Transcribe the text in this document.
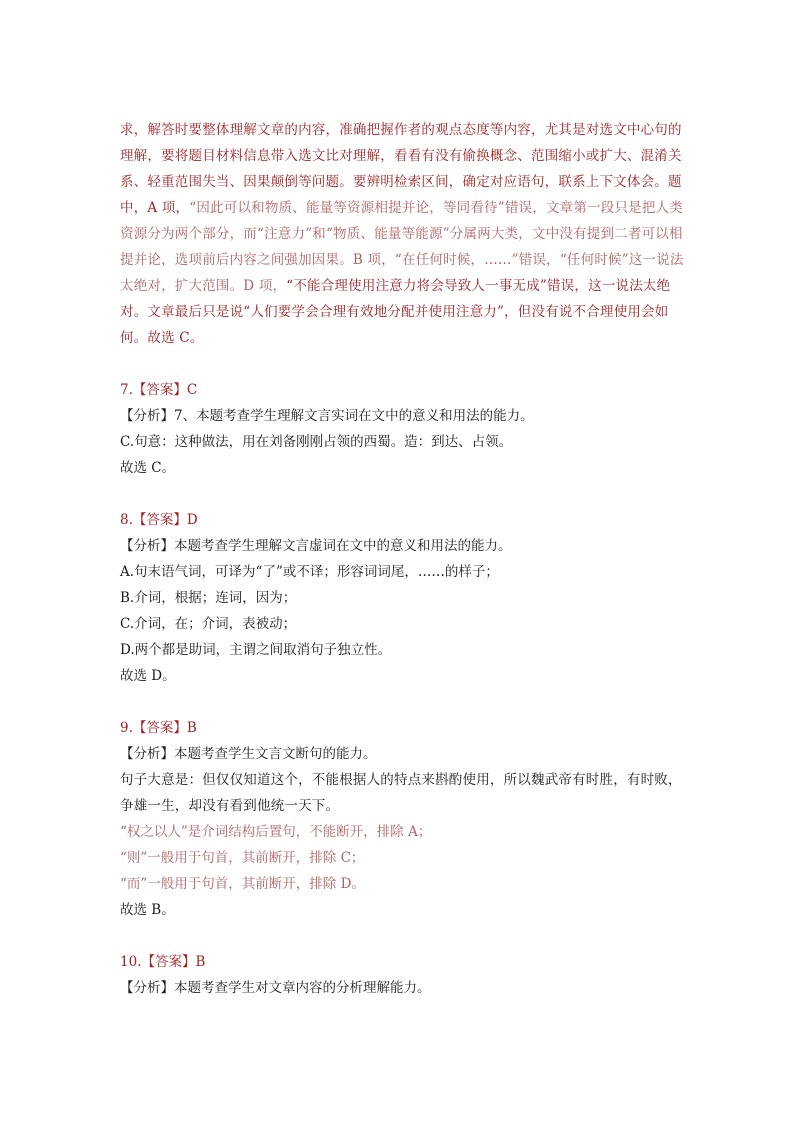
求，解答时要整体理解文章的内容，准确把握作者的观点态度等内容，尤其是对选文中心句的理解，要将题目材料信息带入选文比对理解，看看有没有偷换概念、范围缩小或扩大、混淆关系、轻重范围失当、因果颠倒等问题。要辨明检索区间，确定对应语句，联系上下文体会。题中，A 项，“因此可以和物质、能量等资源相提并论，等同看待”错误，文章第一段只是把人类资源分为两个部分，而“注意力”和“物质、能量等能源”分属两大类，文中没有提到二者可以相提并论，选项前后内容之间强加因果。B 项，“在任何时候，……”错误，“任何时候”这一说法太绝对，扩大范围。D 项，“不能合理使用注意力将会导致人一事无成”错误，这一说法太绝对。文章最后只是说“人们要学会合理有效地分配并使用注意力”，但没有说不合理使用会如何。故选 C。

7.【答案】C

【分析】7、本题考查学生理解文言实词在文中的意义和用法的能力。

C.句意：这种做法，用在刘备刚刚占领的西蜀。造：到达、占领。

故选 C。

8.【答案】D

【分析】本题考查学生理解文言虚词在文中的意义和用法的能力。

A.句末语气词，可译为“了”或不译；形容词词尾，……的样子；

B.介词，根据；连词，因为；

C.介词，在；介词，表被动；

D.两个都是助词，主谓之间取消句子独立性。

故选 D。

9.【答案】B

【分析】本题考查学生文言文断句的能力。

句子大意是：但仅仅知道这个，不能根据人的特点来斟酌使用，所以魏武帝有时胜，有时败，争雄一生，却没有看到他统一天下。

“权之以人”是介词结构后置句，不能断开，排除 A；

“则”一般用于句首，其前断开，排除 C；

“而”一般用于句首，其前断开，排除 D。

故选 B。

10.【答案】B

【分析】本题考查学生对文章内容的分析理解能力。
